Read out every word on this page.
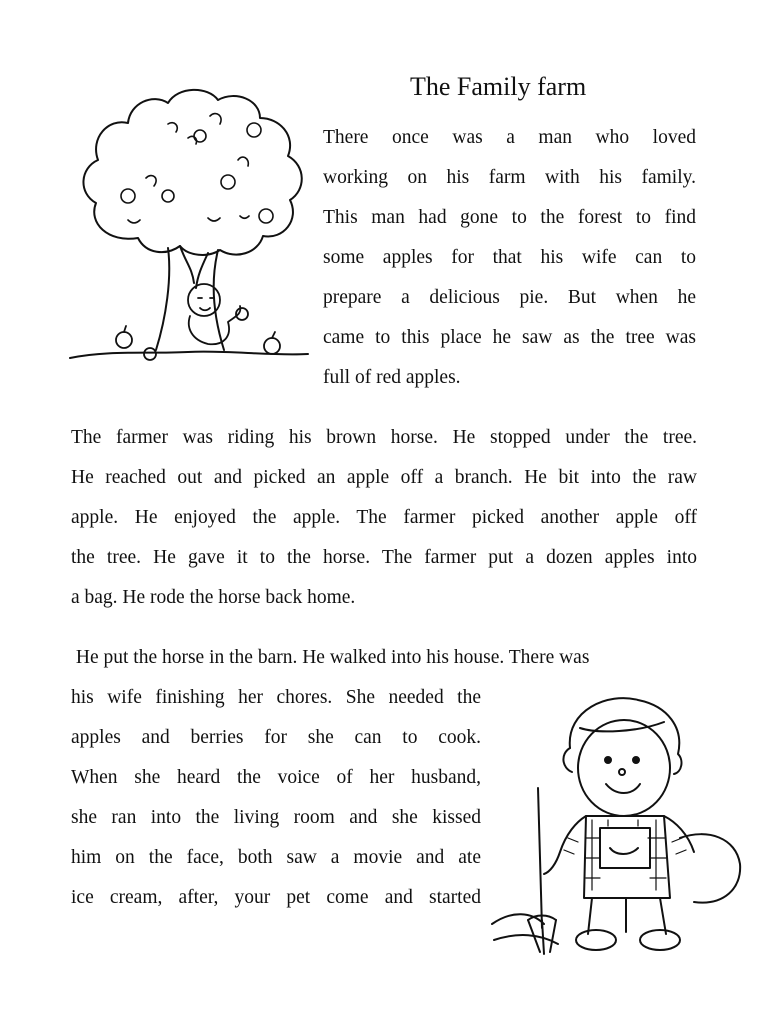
The Family farm
There once was a man who loved
working on his farm with his family.
This man had gone to the forest to find
some apples for that his wife can to
prepare a delicious pie. But when he
came to this place he saw as the tree was
full of red apples.
The farmer was riding his brown horse. He stopped under the tree.
He reached out and picked an apple off a branch. He bit into the raw
apple. He enjoyed the apple. The farmer picked another apple off
the tree. He gave it to the horse. The farmer put a dozen apples into
a bag. He rode the horse back home.
He put the horse in the barn. He walked into his house. There was
his wife finishing her chores. She needed the
apples and berries for she can to cook.
When she heard the voice of her husband,
she ran into the living room and she kissed
him on the face, both saw a movie and ate
ice cream, after, your pet come and started
